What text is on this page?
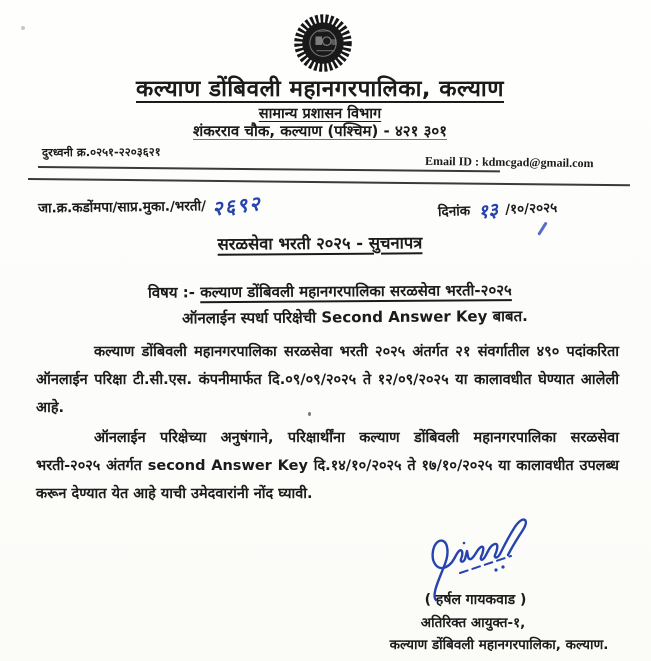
कल्याण डोंबिवली महानगरपालिका, कल्याण
सामान्य प्रशासन विभाग
शंकरराव चौक, कल्याण (पश्चिम) - ४२१ ३०१
दुरध्वनी क्र.०२५१-२२०३६२१
Email ID : kdmcgad@gmail.com
जा.क्र.कडोंमपा/साप्र.मुका./भरती/ २६९२	दिनांक १३ /१०/२०२५
सरळसेवा भरती २०२५ - सुचनापत्र
विषय :- कल्याण डोंबिवली महानगरपालिका सरळसेवा भरती-२०२५
ऑनलाईन स्पर्धा परिक्षेची Second Answer Key बाबत.
कल्याण डोंबिवली महानगरपालिका सरळसेवा भरती २०२५ अंतर्गत २१ संवर्गातील ४९० पदांकरिता ऑनलाईन परिक्षा टी.सी.एस. कंपनीमार्फत दि.०९/०९/२०२५ ते १२/०९/२०२५ या कालावधीत घेण्यात आलेली आहे.
ऑनलाईन परिक्षेच्या अनुषंगाने, परिक्षार्थींना कल्याण डोंबिवली महानगरपालिका सरळसेवा भरती-२०२५ अंतर्गत second Answer Key दि.१४/१०/२०२५ ते १७/१०/२०२५ या कालावधीत उपलब्ध करून देण्यात येत आहे याची उमेदवारांनी नोंद घ्यावी.
( हर्षल गायकवाड )
अतिरिक्त आयुक्त-१,
कल्याण डोंबिवली महानगरपालिका, कल्याण.
